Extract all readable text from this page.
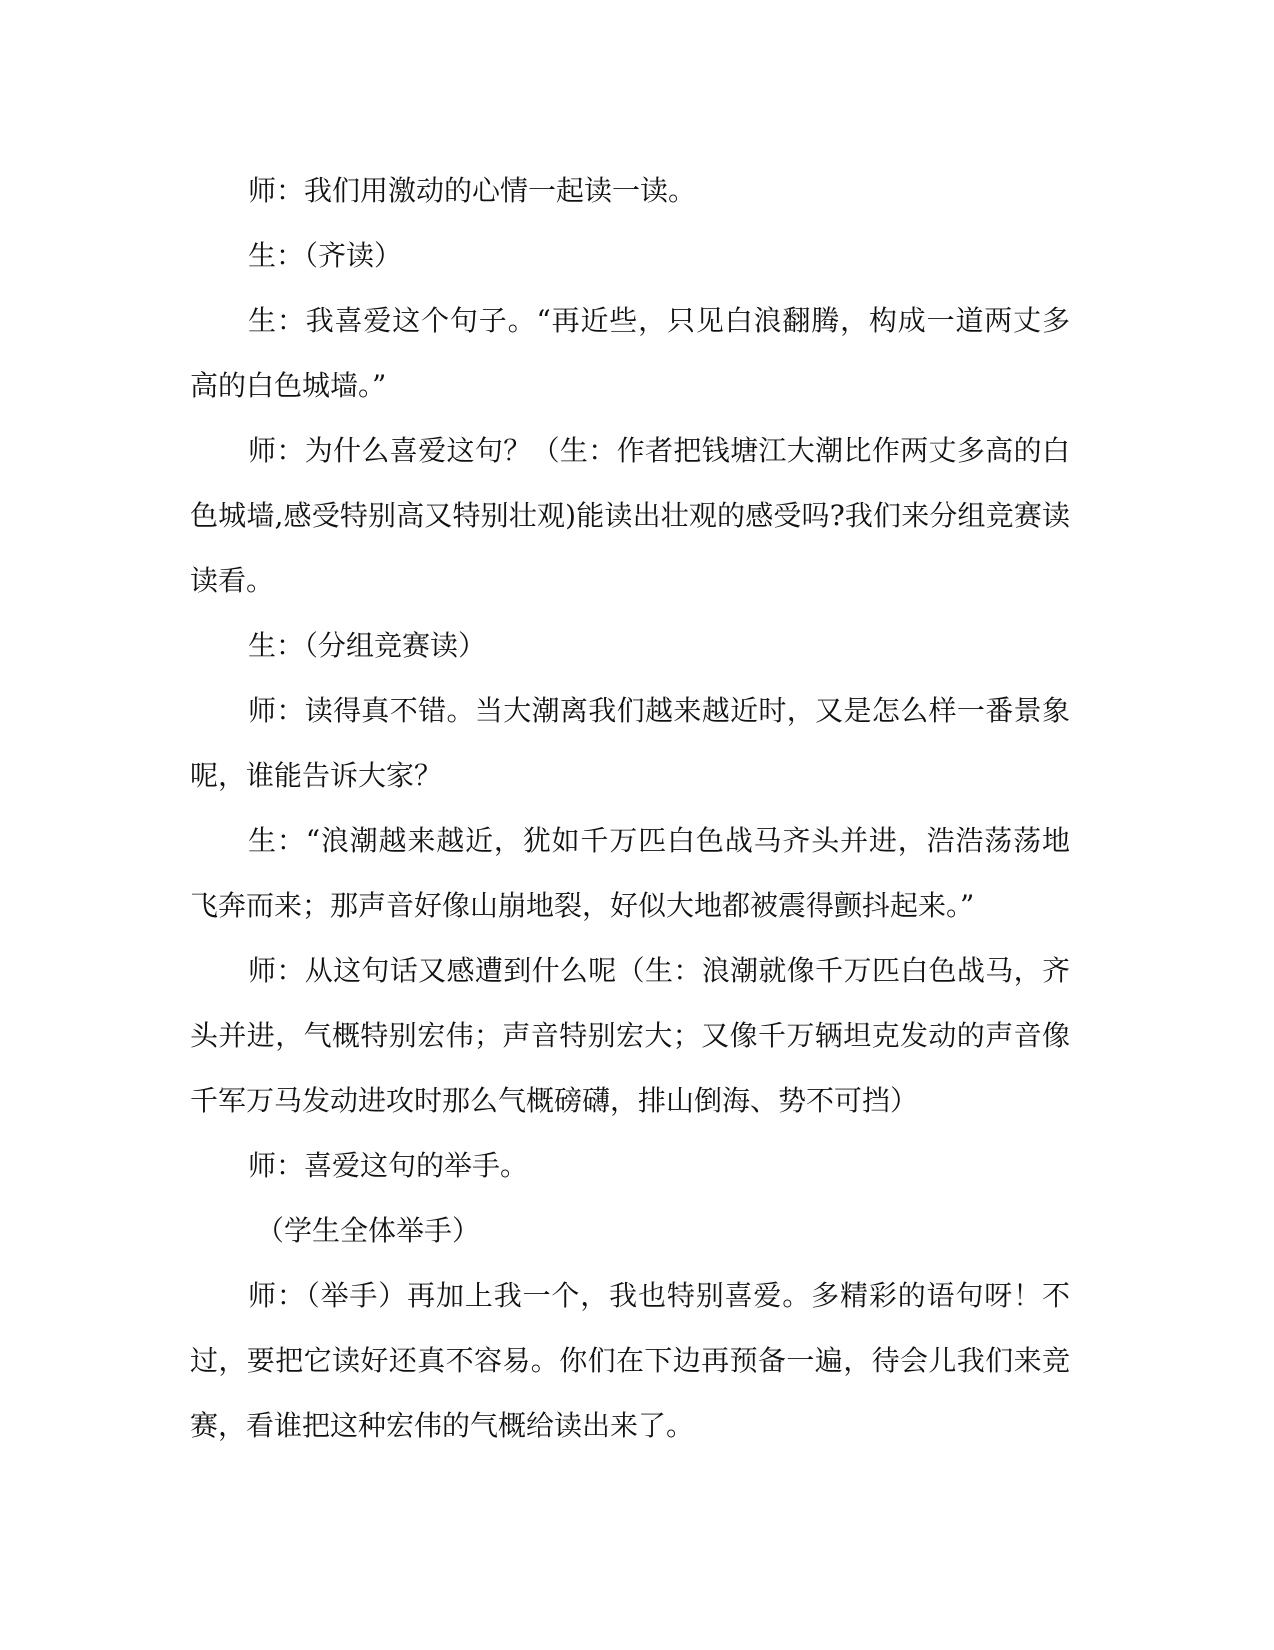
师：我们用激动的心情一起读一读。

生：（齐读）

生：我喜爱这个句子。“再近些，只见白浪翻腾，构成一道两丈多高的白色城墙。”

师：为什么喜爱这句？（生：作者把钱塘江大潮比作两丈多高的白色城墙,感受特别高又特别壮观)能读出壮观的感受吗?我们来分组竞赛读读看。

生：（分组竞赛读）

师：读得真不错。当大潮离我们越来越近时，又是怎么样一番景象呢，谁能告诉大家？

生：“浪潮越来越近，犹如千万匹白色战马齐头并进，浩浩荡荡地飞奔而来；那声音好像山崩地裂，好似大地都被震得颤抖起来。”

师：从这句话又感遭到什么呢（生：浪潮就像千万匹白色战马，齐头并进，气概特别宏伟；声音特别宏大；又像千万辆坦克发动的声音像千军万马发动进攻时那么气概磅礴，排山倒海、势不可挡）

师：喜爱这句的举手。

（学生全体举手）

师：（举手）再加上我一个，我也特别喜爱。多精彩的语句呀！不过，要把它读好还真不容易。你们在下边再预备一遍，待会儿我们来竞赛，看谁把这种宏伟的气概给读出来了。
